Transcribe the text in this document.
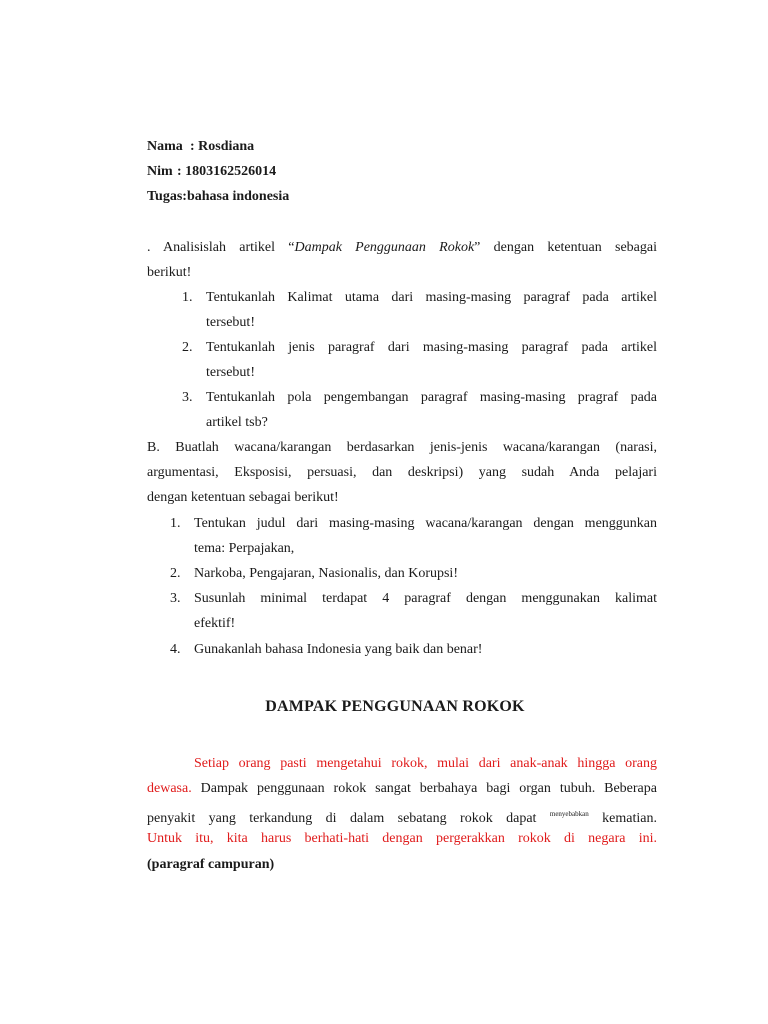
Nama : Rosdiana
Nim : 1803162526014
Tugas:bahasa indonesia
. Analisislah artikel “Dampak Penggunaan Rokok” dengan ketentuan sebagai
berikut!
1. Tentukanlah Kalimat utama dari masing-masing paragraf pada artikel
tersebut!
2. Tentukanlah jenis paragraf dari masing-masing paragraf pada artikel
tersebut!
3. Tentukanlah pola pengembangan paragraf masing-masing pragraf pada
artikel tsb?
B. Buatlah wacana/karangan berdasarkan jenis-jenis wacana/karangan (narasi,
argumentasi, Eksposisi, persuasi, dan deskripsi) yang sudah Anda pelajari
dengan ketentuan sebagai berikut!
1. Tentukan judul dari masing-masing wacana/karangan dengan menggunkan
tema: Perpajakan,
2. Narkoba, Pengajaran, Nasionalis, dan Korupsi!
3. Susunlah minimal terdapat 4 paragraf dengan menggunakan kalimat
efektif!
4. Gunakanlah bahasa Indonesia yang baik dan benar!
DAMPAK PENGGUNAAN ROKOK
Setiap orang pasti mengetahui rokok, mulai dari anak-anak hingga orang
dewasa. Dampak penggunaan rokok sangat berbahaya bagi organ tubuh. Beberapa
penyakit yang terkandung di dalam sebatang rokok dapat $^{menyebabkan}$ kematian.
Untuk itu, kita harus berhati-hati dengan pergerakkan rokok di negara ini.
(paragraf campuran)
